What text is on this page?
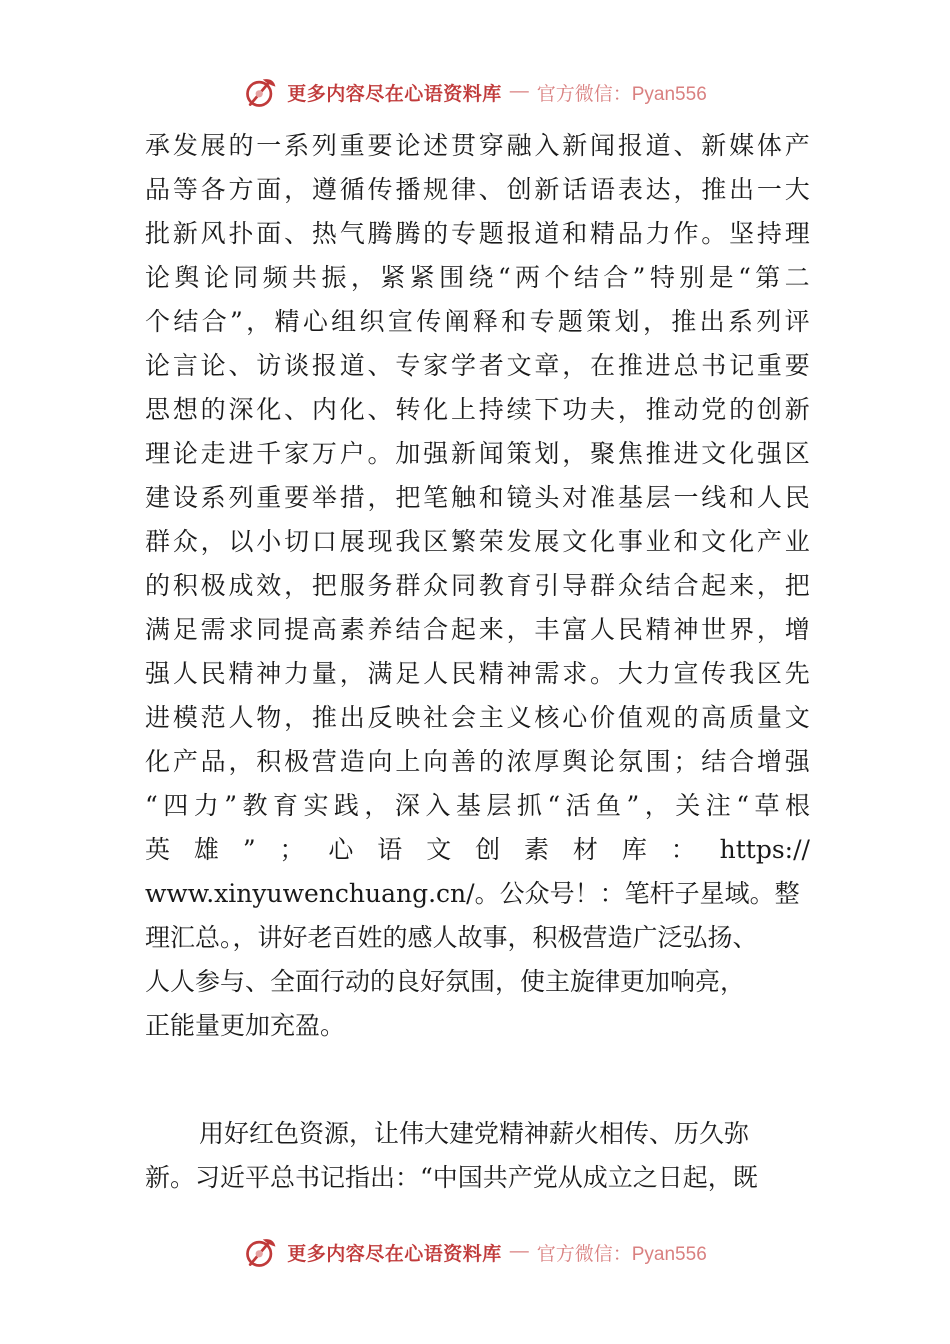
更多内容尽在心语资料库 — 官方微信：Pyan556
承 发 展 的 一 系 列 重 要 论 述 贯 穿 融 入 新 闻 报 道 、 新 媒 体 产
品 等 各 方 面 ， 遵 循 传 播 规 律 、 创 新 话 语 表 达 ， 推 出 一 大
批 新 风 扑 面 、 热 气 腾 腾 的 专 题 报 道 和 精 品 力 作 。 坚 持 理
论 舆 论 同 频 共 振 ， 紧 紧 围 绕 “ 两 个 结 合 ” 特 别 是 “ 第 二
个 结 合 ” ， 精 心 组 织 宣 传 阐 释 和 专 题 策 划 ， 推 出 系 列 评
论 言 论 、 访 谈 报 道 、 专 家 学 者 文 章 ， 在 推 进 总 书 记 重 要
思 想 的 深 化 、 内 化 、 转 化 上 持 续 下 功 夫 ， 推 动 党 的 创 新
理 论 走 进 千 家 万 户 。 加 强 新 闻 策 划 ， 聚 焦 推 进 文 化 强 区
建 设 系 列 重 要 举 措 ， 把 笔 触 和 镜 头 对 准 基 层 一 线 和 人 民
群 众 ， 以 小 切 口 展 现 我 区 繁 荣 发 展 文 化 事 业 和 文 化 产 业
的 积 极 成 效 ， 把 服 务 群 众 同 教 育 引 导 群 众 结 合 起 来 ， 把
满 足 需 求 同 提 高 素 养 结 合 起 来 ， 丰 富 人 民 精 神 世 界 ， 增
强 人 民 精 神 力 量 ， 满 足 人 民 精 神 需 求 。 大 力 宣 传 我 区 先
进 模 范 人 物 ， 推 出 反 映 社 会 主 义 核 心 价 值 观 的 高 质 量 文
化 产 品 ， 积 极 营 造 向 上 向 善 的 浓 厚 舆 论 氛 围 ； 结 合 增 强
“ 四 力 ” 教 育 实 践 ， 深 入 基 层 抓 “ 活 鱼 ” ， 关 注 “ 草 根
英 雄 ” ； 心 语 文 创 素 材 库 ： https://
www.xinyuwenchuang.cn/。公众号！：笔杆子星域。整
理汇总。，讲好老百姓的感人故事，积极营造广泛弘扬、
人人参与、全面行动的良好氛围，使主旋律更加响亮，
正能量更加充盈。
用好红色资源，让伟大建党精神薪火相传、历久弥
新。习近平总书记指出：“中国共产党从成立之日起，既
更多内容尽在心语资料库 — 官方微信：Pyan556
